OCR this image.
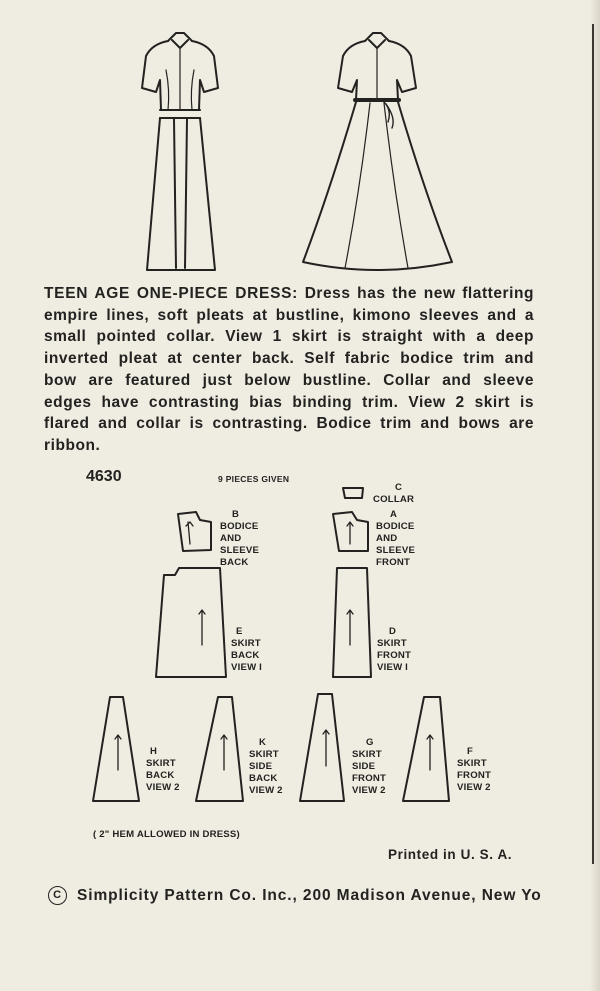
TEEN AGE ONE-PIECE DRESS: Dress has the new flattering empire lines, soft pleats at bustline, kimono sleeves and a small pointed collar. View 1 skirt is straight with a deep inverted pleat at center back. Self fabric bodice trim and bow are featured just below bustline. Collar and sleeve edges have contrasting bias binding trim. View 2 skirt is flared and collar is contrasting. Bodice trim and bows are ribbon.

4630	9 PIECES GIVEN
C
COLLAR
B
BODICE
AND
SLEEVE
BACK
A
BODICE
AND
SLEEVE
FRONT
E
SKIRT
BACK
VIEW I
D
SKIRT
FRONT
VIEW I
H
SKIRT
BACK
VIEW 2
K
SKIRT
SIDE
BACK
VIEW 2
G
SKIRT
SIDE
FRONT
VIEW 2
F
SKIRT
FRONT
VIEW 2
( 2" HEM ALLOWED IN DRESS)
Printed in U. S. A.
C Simplicity Pattern Co. Inc., 200 Madison Avenue, New Yo
